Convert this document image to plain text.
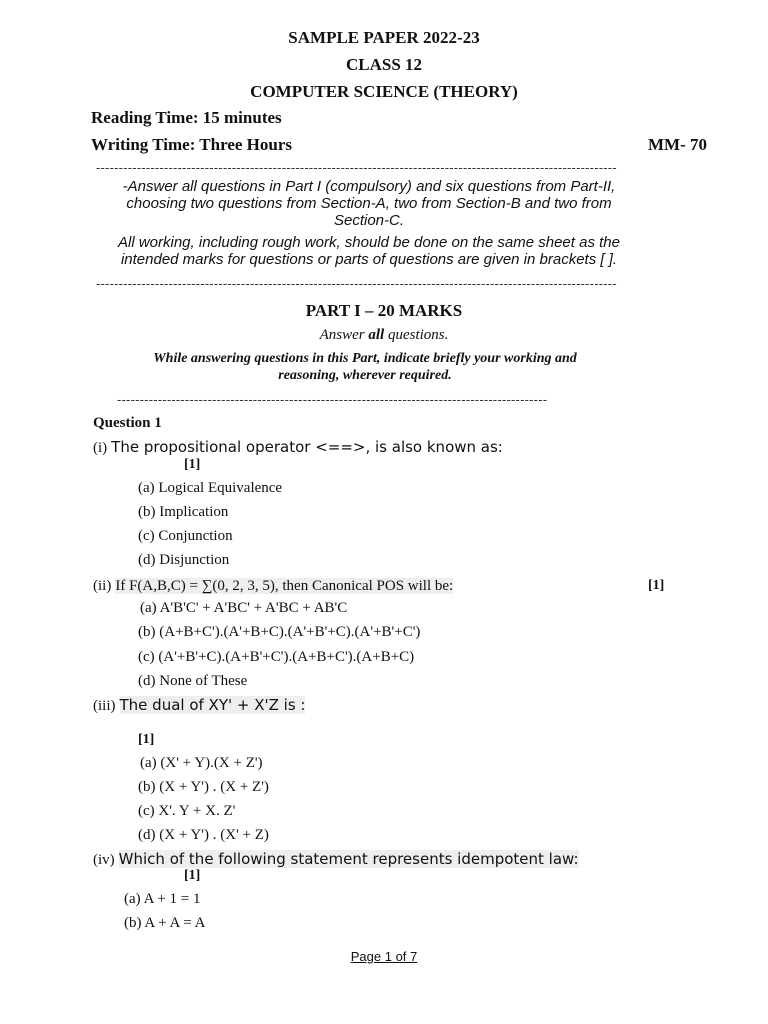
SAMPLE PAPER 2022-23
CLASS 12
COMPUTER SCIENCE (THEORY)
Reading Time: 15 minutes
Writing Time: Three Hours	MM- 70
-------------------------------------------------------------------------------------------------------------------
-Answer all questions in Part I (compulsory) and six questions from Part-II, choosing two questions from Section-A, two from Section-B and two from Section-C.
All working, including rough work, should be done on the same sheet as the intended marks for questions or parts of questions are given in brackets [ ].
-------------------------------------------------------------------------------------------------------------------
PART I – 20 MARKS
Answer all questions.
While answering questions in this Part, indicate briefly your working and reasoning, wherever required.
-----------------------------------------------------------------------------------------------
Question 1
(i) The propositional operator <==>, is also known as:
[1]
(a) Logical Equivalence
(b) Implication
(c) Conjunction
(d) Disjunction
(ii) If F(A,B,C) = ∑(0, 2, 3, 5), then Canonical POS will be:	[1]
(a) A'B'C' + A'BC' + A'BC + AB'C
(b) (A+B+C').(A'+B+C).(A'+B'+C).(A'+B'+C')
(c) (A'+B'+C).(A+B'+C').(A+B+C').(A+B+C)
(d) None of These
(iii) The dual of XY' + X'Z is :
[1]
(a) (X' + Y).(X + Z')
(b) (X + Y') . (X + Z')
(c) X'. Y + X. Z'
(d) (X + Y') . (X' + Z)
(iv) Which of the following statement represents idempotent law:
[1]
(a) A + 1 = 1
(b) A + A = A
Page 1 of 7
